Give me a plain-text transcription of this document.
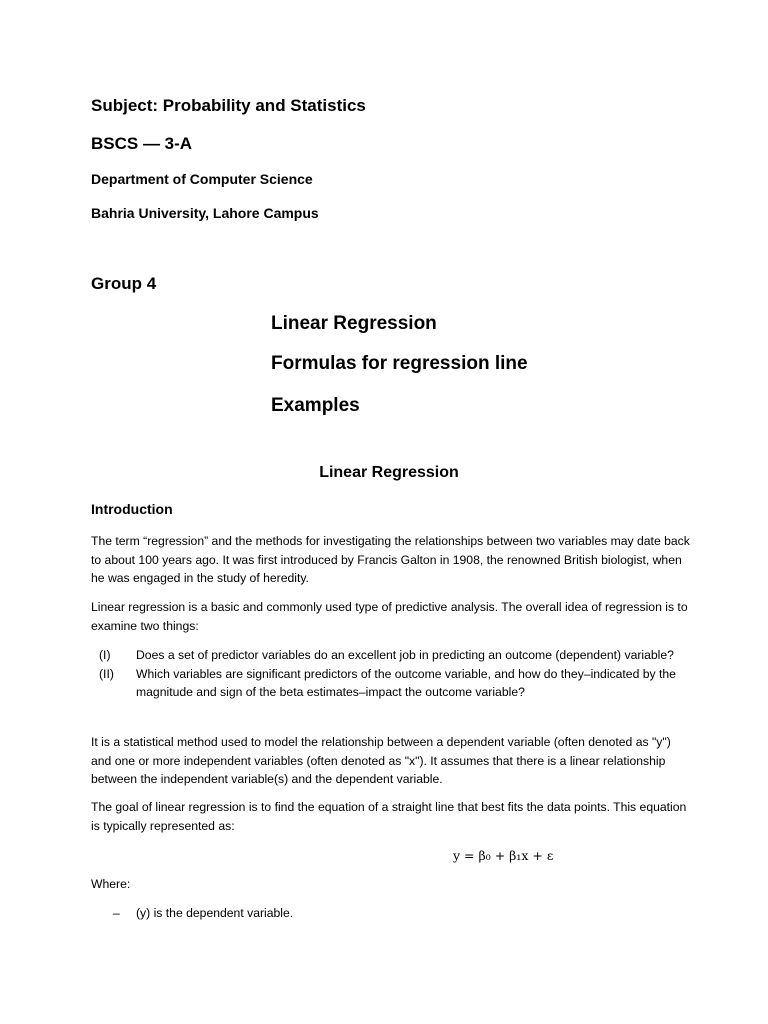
Subject: Probability and Statistics
BSCS — 3-A
Department of Computer Science
Bahria University, Lahore Campus
Group 4
Linear Regression
Formulas for regression line
Examples
Linear Regression
Introduction

The term “regression” and the methods for investigating the relationships between two variables may date back to about 100 years ago. It was first introduced by Francis Galton in 1908, the renowned British biologist, when he was engaged in the study of heredity.

Linear regression is a basic and commonly used type of predictive analysis. The overall idea of regression is to examine two things:

(I) Does a set of predictor variables do an excellent job in predicting an outcome (dependent) variable?
(II) Which variables are significant predictors of the outcome variable, and how do they–indicated by the magnitude and sign of the beta estimates–impact the outcome variable?

It is a statistical method used to model the relationship between a dependent variable (often denoted as "y") and one or more independent variables (often denoted as "x"). It assumes that there is a linear relationship between the independent variable(s) and the dependent variable.

The goal of linear regression is to find the equation of a straight line that best fits the data points. This equation is typically represented as:

y = β₀ + β₁x + ε
Where:
– (y) is the dependent variable.
